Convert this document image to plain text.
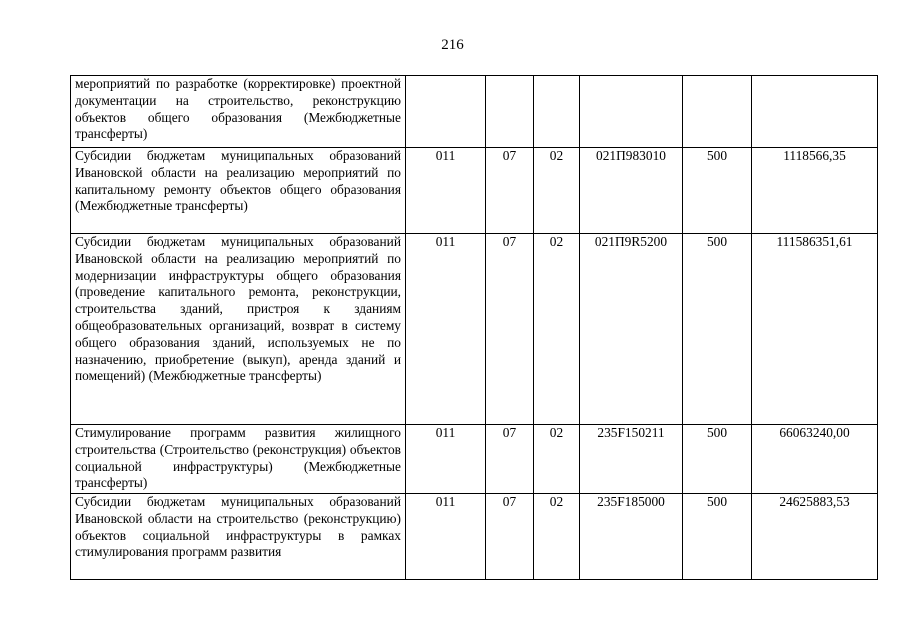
216
мероприятий по разработке (корректировке) проектной документации на строительство, реконструкцию объектов общего образования (Межбюджетные трансферты)						
Субсидии бюджетам муниципальных образований Ивановской области на реализацию мероприятий по капитальному ремонту объектов общего образования (Межбюджетные трансферты)	011	07	02	021П983010	500	1118566,35
Субсидии бюджетам муниципальных образований Ивановской области на реализацию мероприятий по модернизации инфраструктуры общего образования (проведение капитального ремонта, реконструкции, строительства зданий, пристроя к зданиям общеобразовательных организаций, возврат в систему общего образования зданий, используемых не по назначению, приобретение (выкуп), аренда зданий и помещений) (Межбюджетные трансферты)	011	07	02	021П9R5200	500	111586351,61
Стимулирование программ развития жилищного строительства (Строительство (реконструкция) объектов социальной инфраструктуры) (Межбюджетные трансферты)	011	07	02	235F150211	500	66063240,00
Субсидии бюджетам муниципальных образований Ивановской области на строительство (реконструкцию) объектов социальной инфраструктуры в рамках стимулирования программ развития	011	07	02	235F185000	500	24625883,53
